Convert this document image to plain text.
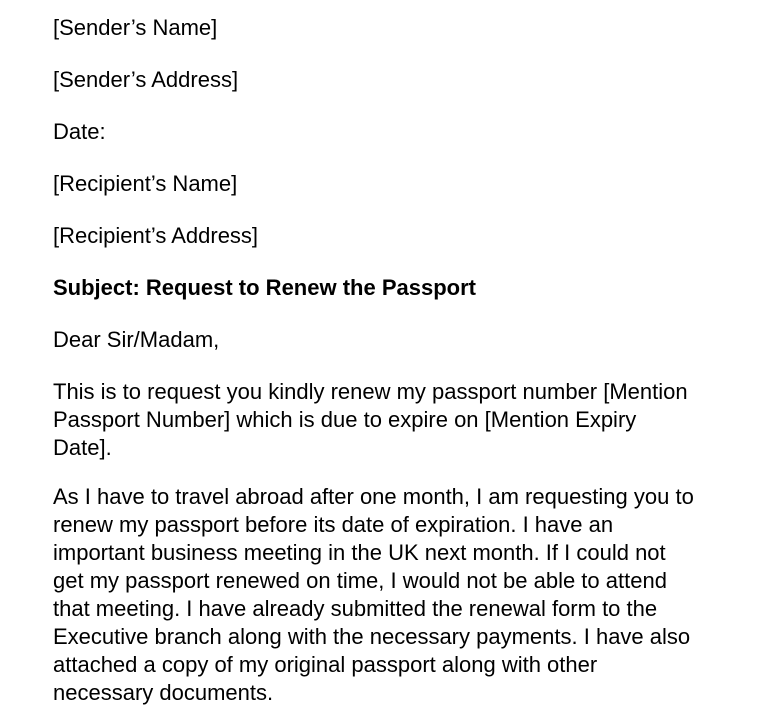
[Sender’s Name]
[Sender’s Address]
Date:
[Recipient’s Name]
[Recipient’s Address]
Subject: Request to Renew the Passport
Dear Sir/Madam,
This is to request you kindly renew my passport number [Mention
Passport Number] which is due to expire on [Mention Expiry
Date].
As I have to travel abroad after one month, I am requesting you to
renew my passport before its date of expiration. I have an
important business meeting in the UK next month. If I could not
get my passport renewed on time, I would not be able to attend
that meeting. I have already submitted the renewal form to the
Executive branch along with the necessary payments. I have also
attached a copy of my original passport along with other
necessary documents.
